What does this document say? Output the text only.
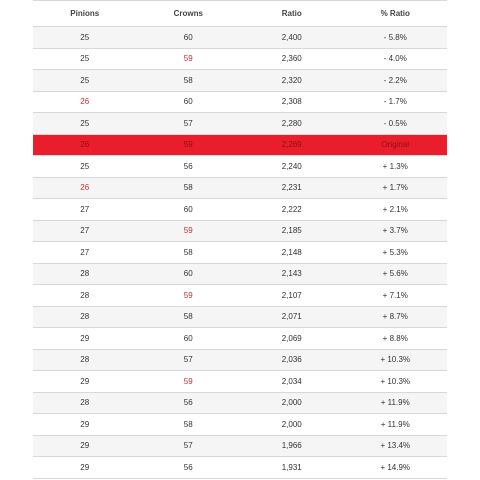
Pinions	Crowns	Ratio	% Ratio
25	60	2,400	- 5.8%
25	59	2,360	- 4.0%
25	58	2,320	- 2.2%
26	60	2,308	- 1.7%
25	57	2,280	- 0.5%
26	59	2,269	Original
25	56	2,240	+ 1.3%
26	58	2,231	+ 1.7%
27	60	2,222	+ 2.1%
27	59	2,185	+ 3.7%
27	58	2,148	+ 5.3%
28	60	2,143	+ 5.6%
28	59	2,107	+ 7.1%
28	58	2,071	+ 8.7%
29	60	2,069	+ 8.8%
28	57	2,036	+ 10.3%
29	59	2,034	+ 10.3%
28	56	2,000	+ 11.9%
29	58	2,000	+ 11.9%
29	57	1,966	+ 13.4%
29	56	1,931	+ 14.9%
